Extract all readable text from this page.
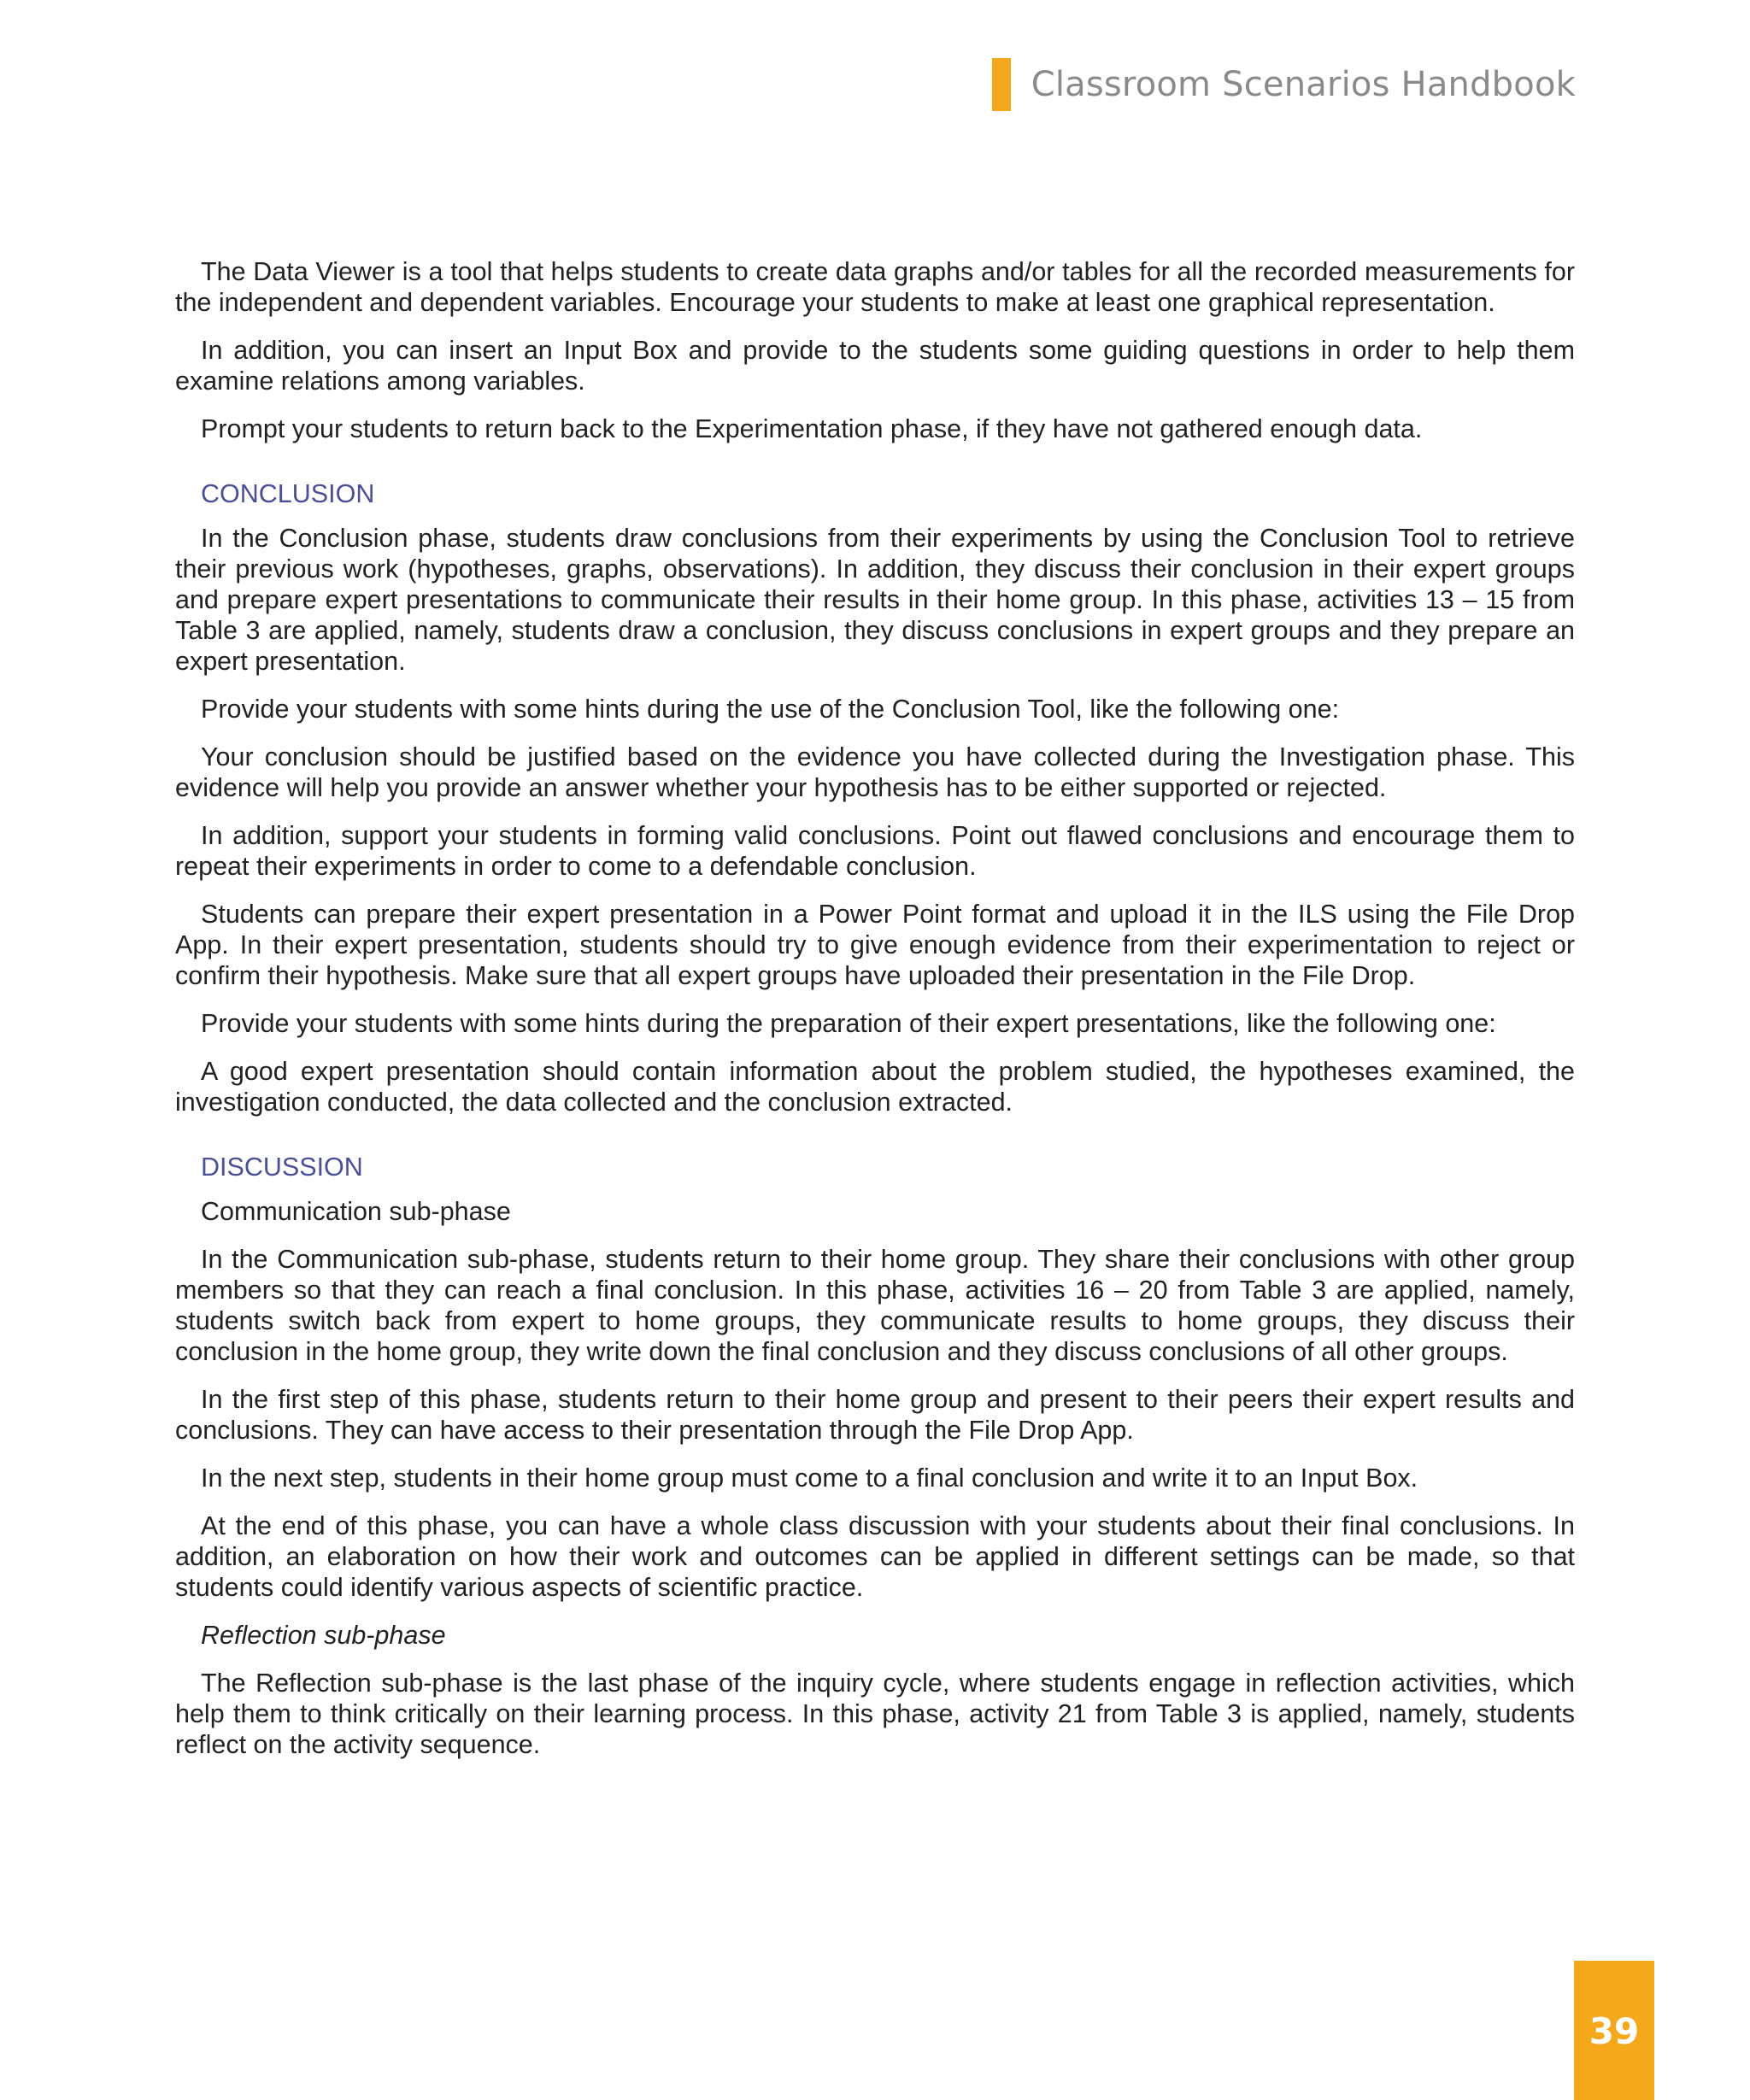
Classroom Scenarios Handbook

The Data Viewer is a tool that helps students to create data graphs and/or tables for all the recorded measurements for the independent and dependent variables. Encourage your students to make at least one graphical representation.

In addition, you can insert an Input Box and provide to the students some guiding questions in order to help them examine relations among variables.

Prompt your students to return back to the Experimentation phase, if they have not gathered enough data.

CONCLUSION

In the Conclusion phase, students draw conclusions from their experiments by using the Conclusion Tool to retrieve their previous work (hypotheses, graphs, observations). In addition, they discuss their conclusion in their expert groups and prepare expert presentations to communicate their results in their home group. In this phase, activities 13 – 15 from Table 3 are applied, namely, students draw a conclusion, they discuss conclusions in expert groups and they prepare an expert presentation.

Provide your students with some hints during the use of the Conclusion Tool, like the following one:

Your conclusion should be justified based on the evidence you have collected during the Investigation phase. This evidence will help you provide an answer whether your hypothesis has to be either supported or rejected.

In addition, support your students in forming valid conclusions. Point out flawed conclusions and encourage them to repeat their experiments in order to come to a defendable conclusion.

Students can prepare their expert presentation in a Power Point format and upload it in the ILS using the File Drop App. In their expert presentation, students should try to give enough evidence from their experimentation to reject or confirm their hypothesis. Make sure that all expert groups have uploaded their presentation in the File Drop.

Provide your students with some hints during the preparation of their expert presentations, like the following one:

A good expert presentation should contain information about the problem studied, the hypotheses examined, the investigation conducted, the data collected and the conclusion extracted.

DISCUSSION

Communication sub-phase

In the Communication sub-phase, students return to their home group. They share their conclusions with other group members so that they can reach a final conclusion. In this phase, activities 16 – 20 from Table 3 are applied, namely, students switch back from expert to home groups, they communicate results to home groups, they discuss their conclusion in the home group, they write down the final conclusion and they discuss conclusions of all other groups.

In the first step of this phase, students return to their home group and present to their peers their expert results and conclusions. They can have access to their presentation through the File Drop App.

In the next step, students in their home group must come to a final conclusion and write it to an Input Box.

At the end of this phase, you can have a whole class discussion with your students about their final conclusions. In addition, an elaboration on how their work and outcomes can be applied in different settings can be made, so that students could identify various aspects of scientific practice.

Reflection sub-phase

The Reflection sub-phase is the last phase of the inquiry cycle, where students engage in reflection activities, which help them to think critically on their learning process. In this phase, activity 21 from Table 3 is applied, namely, students reflect on the activity sequence.

39
